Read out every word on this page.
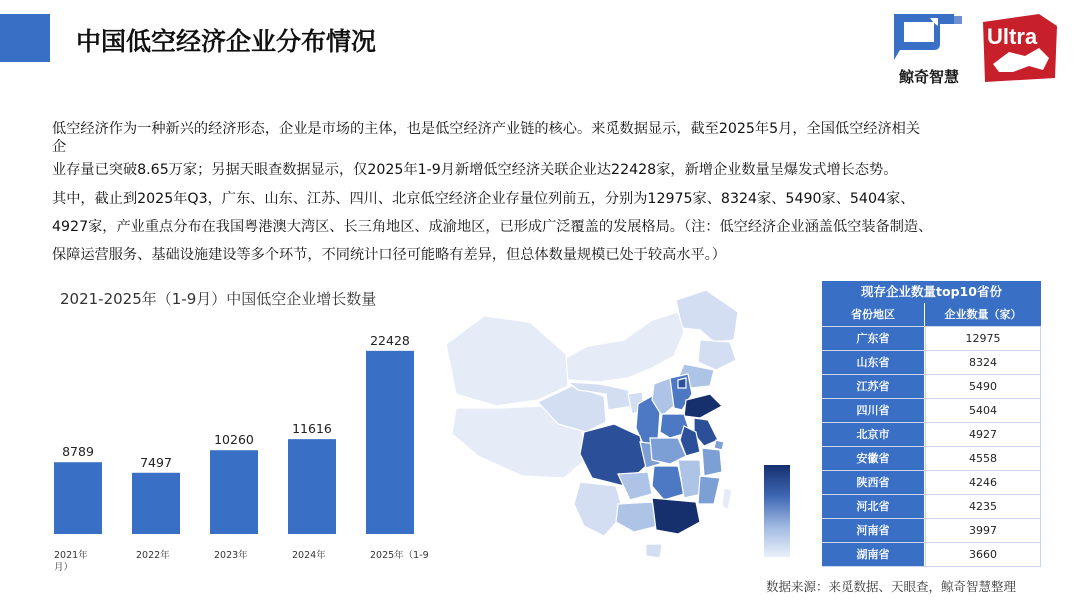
中国低空经济企业分布情况
鲸奇智慧
Ultra
低空经济作为一种新兴的经济形态，企业是市场的主体，也是低空经济产业链的核心。来觅数据显示，截至2025年5月，全国低空经济相关
企
业存量已突破8.65万家；另据天眼查数据显示，仅2025年1-9月新增低空经济关联企业达22428家，新增企业数量呈爆发式增长态势。
其中，截止到2025年Q3，广东、山东、江苏、四川、北京低空经济企业存量位列前五，分别为12975家、8324家、5490家、5404家、
4927家，产业重点分布在我国粤港澳大湾区、长三角地区、成渝地区，已形成广泛覆盖的发展格局。（注：低空经济企业涵盖低空装备制造、
保障运营服务、基础设施建设等多个环节，不同统计口径可能略有差异，但总体数量规模已处于较高水平。）
2021-2025年（1-9月）中国低空企业增长数量
8789
2021年
月）
7497
2022年
10260
2023年
11616
2024年
22428
2025年（1-9
现存企业数量top10省份
省份地区	企业数量（家）
广东省	12975
山东省	8324
江苏省	5490
四川省	5404
北京市	4927
安徽省	4558
陕西省	4246
河北省	4235
河南省	3997
湖南省	3660
数据来源：来觅数据、天眼查，鲸奇智慧整理
